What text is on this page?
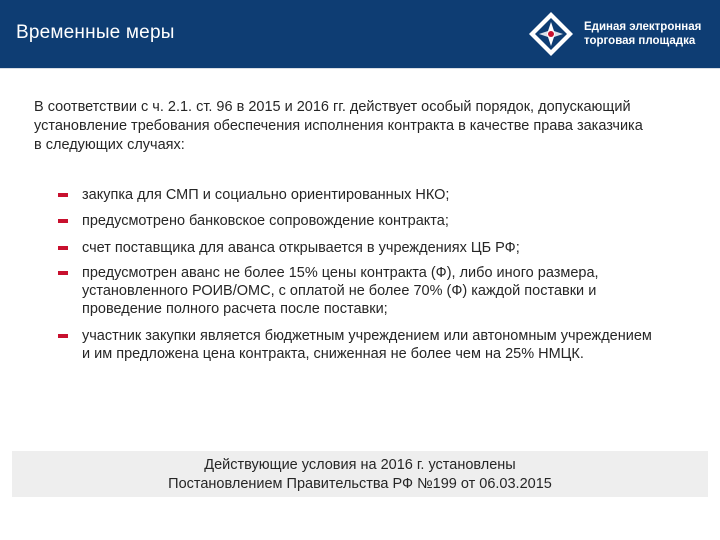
Временные меры	Единая электронная
торговая площадка
В соответствии с ч. 2.1. ст. 96 в 2015 и 2016 гг. действует особый порядок, допускающий установление требования обеспечения исполнения контракта в качестве права заказчика в следующих случаях:
закупка для СМП и социально ориентированных НКО;
предусмотрено банковское сопровождение контракта;
счет поставщика для аванса открывается в учреждениях ЦБ РФ;
предусмотрен аванс не более 15% цены контракта (Ф), либо иного размера, установленного РОИВ/ОМС, с оплатой не более 70% (Ф) каждой поставки и проведение полного расчета после поставки;
участник закупки является бюджетным учреждением или автономным учреждением и им предложена цена контракта, сниженная не более чем на 25% НМЦК.
Действующие условия на 2016 г. установлены
Постановлением Правительства РФ №199 от 06.03.2015
